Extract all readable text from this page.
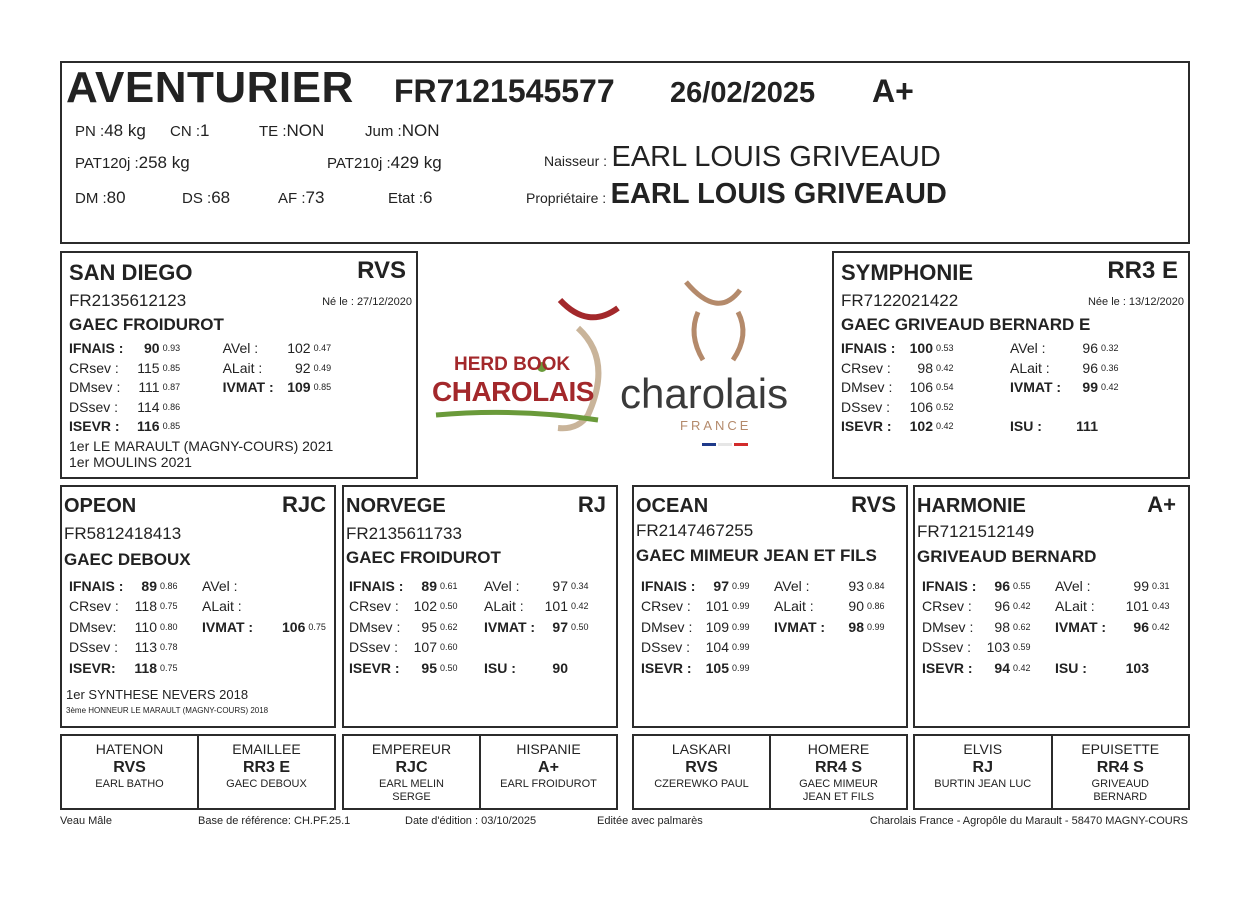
AVENTURIER FR7121545577 26/02/2025 A+
PN :48 kg CN :1	TE :NON	Jum :NON
PAT120j :258 kg	PAT210j :429 kg
DM :80	DS :68	AF :73	Etat :6
Naisseur : EARL LOUIS GRIVEAUD
Propriétaire : EARL LOUIS GRIVEAUD
SAN DIEGO	RVS
FR2135612123	Né le : 27/12/2020
GAEC FROIDUROT
IFNAIS :	90	0.93	AVel :	102	0.47
CRsev :	115	0.85	ALait :	92	0.49
DMsev :	111	0.87	IVMAT :	109	0.85
DSsev :	114	0.86			
ISEVR :	116	0.85			
1er LE MARAULT (MAGNY-COURS) 2021
1er MOULINS 2021
HERD BOOK
CHAROLAIS charolais
FRANCE
SYMPHONIE	RR3 E
FR7122021422	Née le : 13/12/2020
GAEC GRIVEAUD BERNARD E
IFNAIS :	100	0.53	AVel :	96	0.32
CRsev :	98	0.42	ALait :	96	0.36
DMsev :	106	0.54	IVMAT :	99	0.42
DSsev :	106	0.52			
ISEVR :	102	0.42	ISU :	111	
OPEON	RJC
FR5812418413
GAEC DEBOUX
IFNAIS :	89	0.86	AVel :		
CRsev :	118	0.75	ALait :		
DMsev:	110	0.80	IVMAT :	106	0.75
DSsev :	113	0.78			
ISEVR:	118	0.75			
1er SYNTHESE NEVERS 2018
3ème HONNEUR LE MARAULT (MAGNY-COURS) 2018
NORVEGE	RJ
FR2135611733
GAEC FROIDUROT
IFNAIS :	89	0.61	AVel :	97	0.34
CRsev :	102	0.50	ALait :	101	0.42
DMsev :	95	0.62	IVMAT :	97	0.50
DSsev :	107	0.60			
ISEVR :	95	0.50	ISU :	90	
OCEAN	RVS
FR2147467255
GAEC MIMEUR JEAN ET FILS
IFNAIS :	97	0.99	AVel :	93	0.84
CRsev :	101	0.99	ALait :	90	0.86
DMsev :	109	0.99	IVMAT :	98	0.99
DSsev :	104	0.99			
ISEVR :	105	0.99			
HARMONIE	A+
FR7121512149
GRIVEAUD BERNARD
IFNAIS :	96	0.55	AVel :	99	0.31
CRsev :	96	0.42	ALait :	101	0.43
DMsev :	98	0.62	IVMAT :	96	0.42
DSsev :	103	0.59			
ISEVR :	94	0.42	ISU :	103	
HATENON
RVS
EARL BATHO
EMAILLEE
RR3 E
GAEC DEBOUX
EMPEREUR
RJC
EARL MELIN
SERGE
HISPANIE
A+
EARL FROIDUROT
LASKARI
RVS
CZEREWKO PAUL
HOMERE
RR4 S
GAEC MIMEUR
JEAN ET FILS
ELVIS
RJ
BURTIN JEAN LUC
EPUISETTE
RR4 S
GRIVEAUD
BERNARD
Veau Mâle	Base de référence: CH.PF.25.1	Date d'édition : 03/10/2025	Editée avec palmarès	Charolais France - Agropôle du Marault - 58470 MAGNY-COURS
